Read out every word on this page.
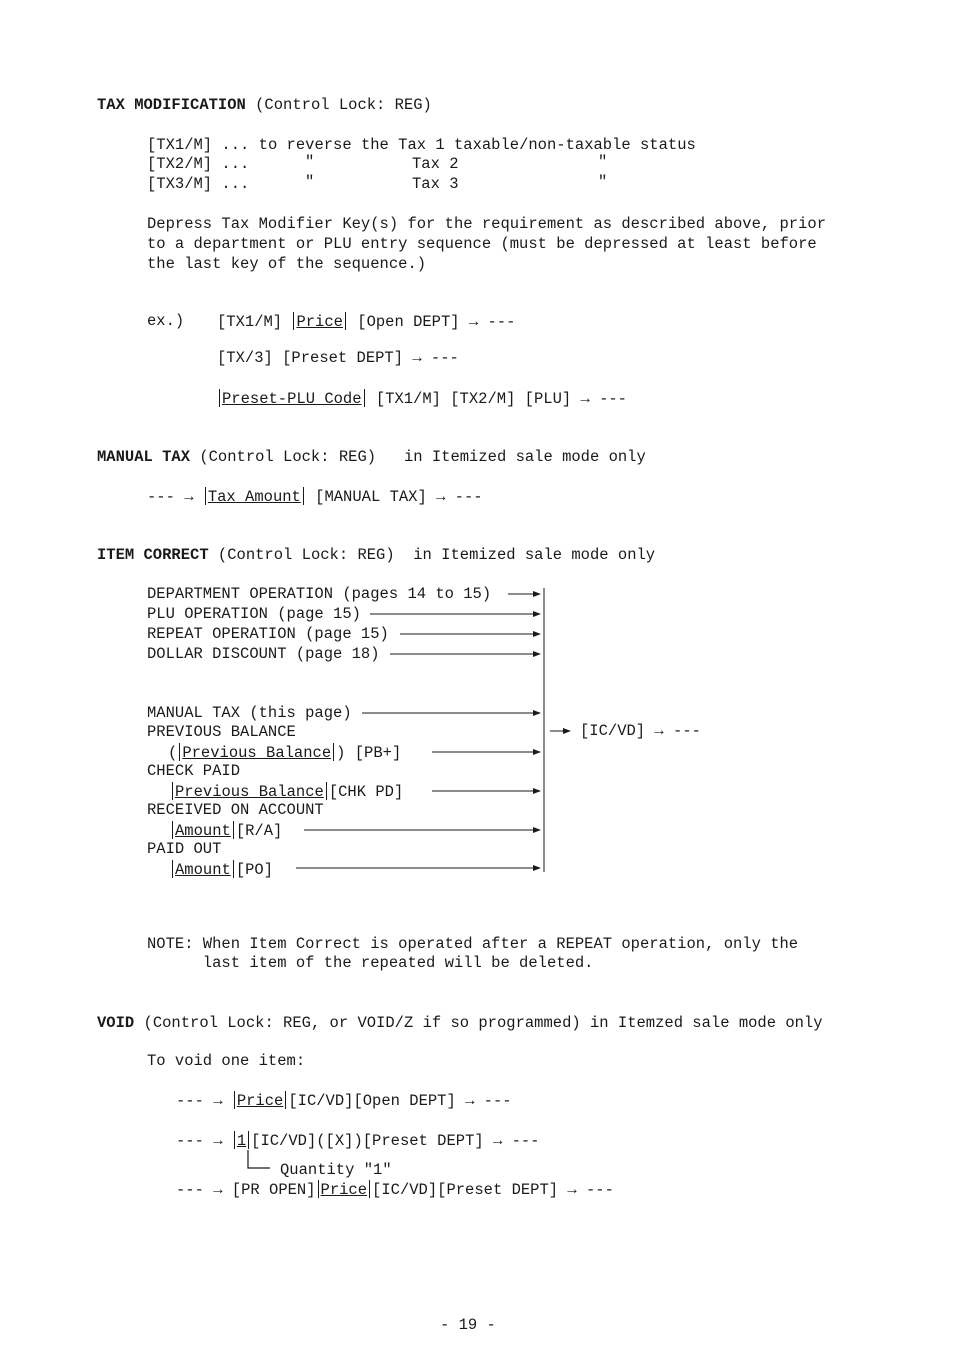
TAX MODIFICATION (Control Lock: REG)
[TX1/M] ... to reverse the Tax 1 taxable/non-taxable status
[TX2/M] ...	"	Tax 2	"
[TX3/M] ...	"	Tax 3	"
Depress Tax Modifier Key(s) for the requirement as described above, prior
to a department or PLU entry sequence (must be depressed at least before
the last key of the sequence.)
ex.) [TX1/M] Price [Open DEPT] → ---
[TX/3] [Preset DEPT] → ---
Preset-PLU Code [TX1/M] [TX2/M] [PLU] → ---
MANUAL TAX (Control Lock: REG)   in Itemized sale mode only
--- → Tax Amount [MANUAL TAX] → ---
ITEM CORRECT (Control Lock: REG)  in Itemized sale mode only
DEPARTMENT OPERATION (pages 14 to 15)
PLU OPERATION (page 15)
REPEAT OPERATION (page 15)
DOLLAR DISCOUNT (page 18)
MANUAL TAX (this page)
PREVIOUS BALANCE
( Previous Balance ) [PB+]
CHECK PAID
Previous Balance [CHK PD]
RECEIVED ON ACCOUNT
Amount [R/A]
PAID OUT
Amount [PO]
[IC/VD] → ---
NOTE: When Item Correct is operated after a REPEAT operation, only the
last item of the repeated will be deleted.
VOID (Control Lock: REG, or VOID/Z if so programmed) in Itemzed sale mode only
To void one item:
--- → Price [IC/VD][Open DEPT] → ---
--- → 1 [IC/VD]([X])[Preset DEPT] → ---
Quantity "1"
--- → [PR OPEN] Price [IC/VD][Preset DEPT] → ---
- 19 -
